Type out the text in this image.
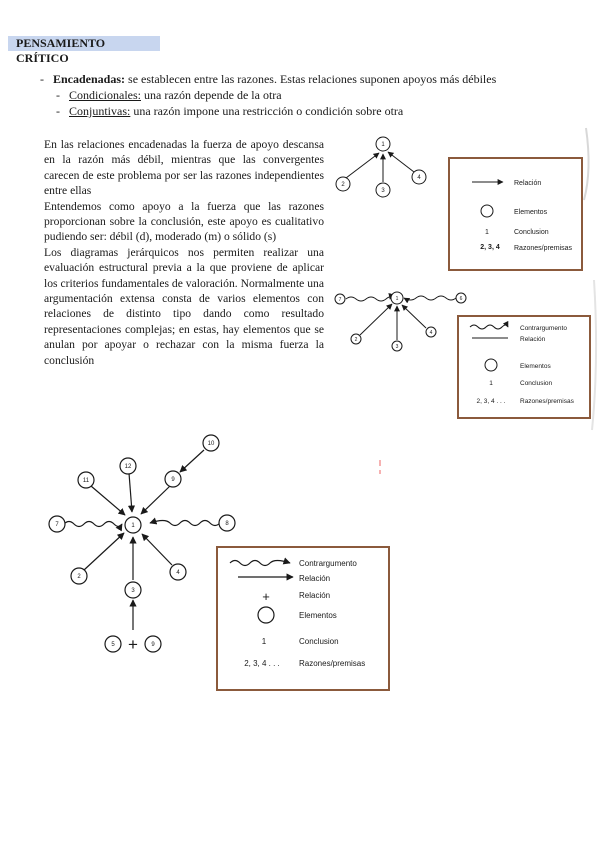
PENSAMIENTO CRÍTICO
-   Encadenadas: se establecen entre las razones. Estas relaciones suponen apoyos más débiles
-   Condicionales: una razón depende de la otra
-   Conjuntivas: una razón impone una restricción o condición sobre otra

En las relaciones encadenadas la fuerza de apoyo descansa en la razón más débil, mientras que las convergentes carecen de este problema por ser las razones independientes entre ellas

Entendemos como apoyo a la fuerza que las razones proporcionan sobre la conclusión, este apoyo es cualitativo pudiendo ser: débil (d), moderado (m) o sólido (s)

Los diagramas jerárquicos nos permiten realizar una evaluación estructural previa a la que proviene de aplicar los criterios fundamentales de valoración. Normalmente una argumentación extensa consta de varios elementos con relaciones de distinto tipo dando como resultado representaciones complejas; en estas, hay elementos que se anulan por apoyar o rechazar con la misma fuerza la conclusión

1
2
3
4
Relación
Elementos
Conclusion
Razones/premisas
1
2, 3, 4
1
2
3
4
6
7
Contrargumento
Relación
Elementos
Conclusion
Razones/premisas
1
2, 3, 4 . . .
1
2
3
4
5
7	8
9
9
10
11
12
+
Contrargumento
Relación
Relación
Elementos
Conclusion
Razones/premisas
+
1
2, 3, 4 . . .
